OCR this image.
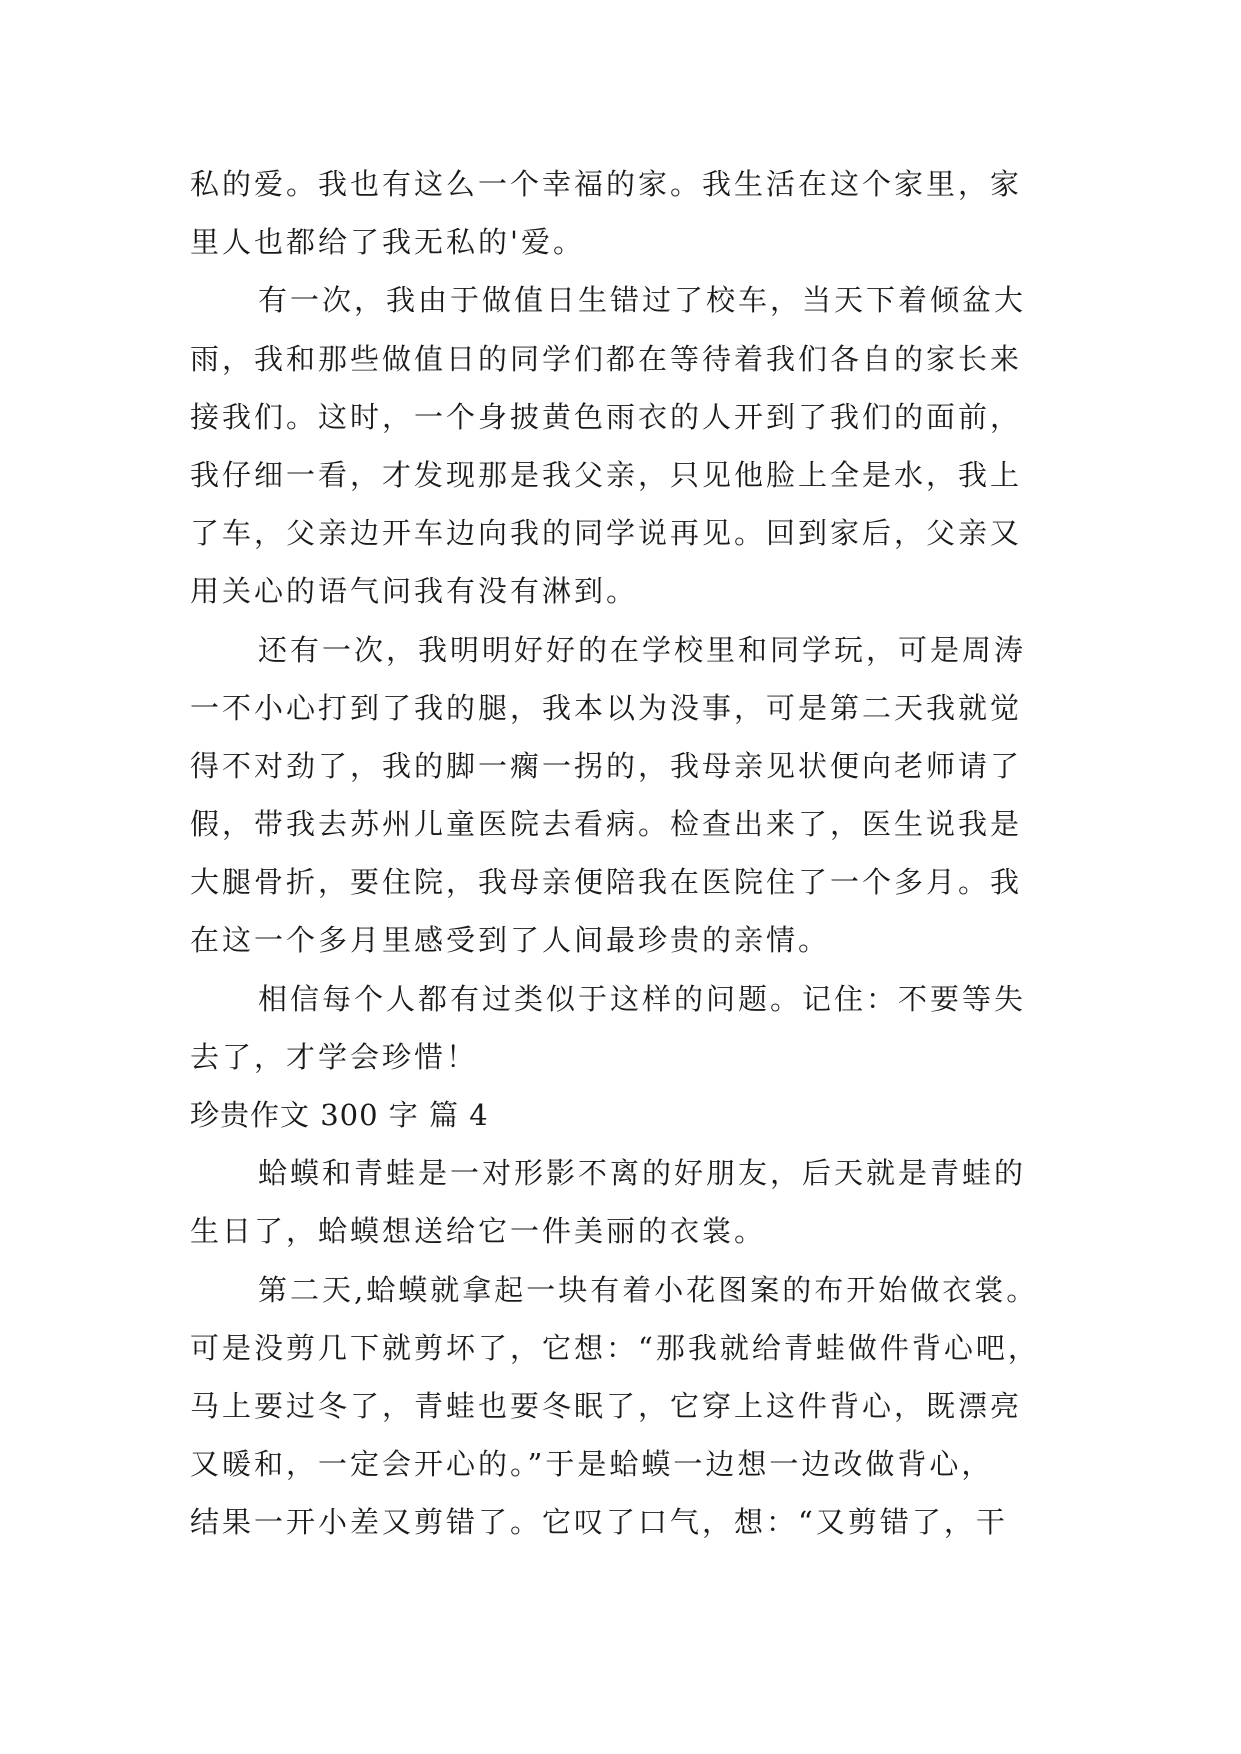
私的爱。我也有这么一个幸福的家。我生活在这个家里，家
里人也都给了我无私的'爱。
有一次，我由于做值日生错过了校车，当天下着倾盆大
雨，我和那些做值日的同学们都在等待着我们各自的家长来
接我们。这时，一个身披黄色雨衣的人开到了我们的面前，
我仔细一看，才发现那是我父亲，只见他脸上全是水，我上
了车，父亲边开车边向我的同学说再见。回到家后，父亲又
用关心的语气问我有没有淋到。
还有一次，我明明好好的在学校里和同学玩，可是周涛
一不小心打到了我的腿，我本以为没事，可是第二天我就觉
得不对劲了，我的脚一瘸一拐的，我母亲见状便向老师请了
假，带我去苏州儿童医院去看病。检查出来了，医生说我是
大腿骨折，要住院，我母亲便陪我在医院住了一个多月。我
在这一个多月里感受到了人间最珍贵的亲情。
相信每个人都有过类似于这样的问题。记住：不要等失
去了，才学会珍惜！
珍贵作文 300 字 篇 4
蛤蟆和青蛙是一对形影不离的好朋友，后天就是青蛙的
生日了，蛤蟆想送给它一件美丽的衣裳。
第二天,蛤蟆就拿起一块有着小花图案的布开始做衣裳。
可是没剪几下就剪坏了，它想：“那我就给青蛙做件背心吧，
马上要过冬了，青蛙也要冬眠了，它穿上这件背心，既漂亮
又暖和，一定会开心的。”于是蛤蟆一边想一边改做背心，
结果一开小差又剪错了。它叹了口气，想：“又剪错了，干
